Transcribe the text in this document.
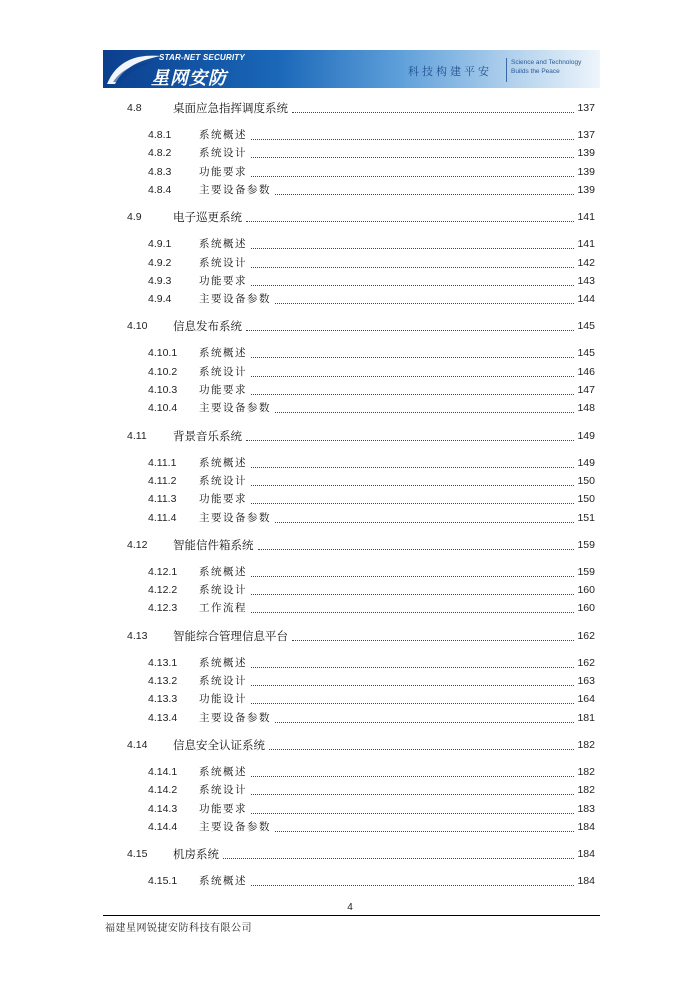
STAR-NET SECURITY
星网安防	科技构建平安
Science and Technology
Builds the Peace
4.8	桌面应急指挥调度系统	137
4.8.1	系统概述	137
4.8.2	系统设计	139
4.8.3	功能要求	139
4.8.4	主要设备参数	139
4.9	电子巡更系统	141
4.9.1	系统概述	141
4.9.2	系统设计	142
4.9.3	功能要求	143
4.9.4	主要设备参数	144
4.10 信息发布系统	145
4.10.1 系统概述	145
4.10.2 系统设计	146
4.10.3 功能要求	147
4.10.4 主要设备参数	148
4.11 背景音乐系统	149
4.11.1 系统概述	149
4.11.2 系统设计	150
4.11.3 功能要求	150
4.11.4 主要设备参数	151
4.12 智能信件箱系统	159
4.12.1 系统概述	159
4.12.2 系统设计	160
4.12.3 工作流程	160
4.13 智能综合管理信息平台	162
4.13.1 系统概述	162
4.13.2 系统设计	163
4.13.3 功能设计	164
4.13.4 主要设备参数	181
4.14 信息安全认证系统	182
4.14.1 系统概述	182
4.14.2 系统设计	182
4.14.3 功能要求	183
4.14.4 主要设备参数	184
4.15 机房系统	184
4.15.1 系统概述	184
4
福建星网锐捷安防科技有限公司
